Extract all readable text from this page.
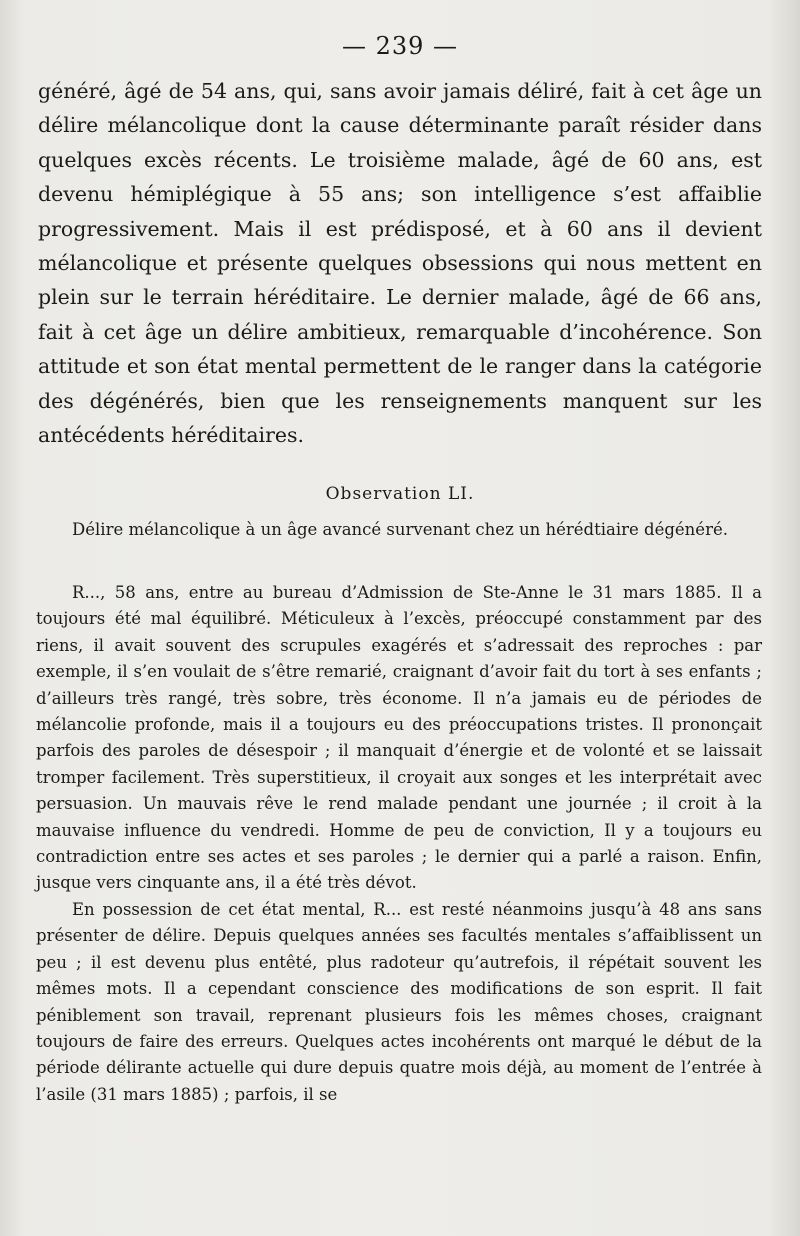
— 239 —

généré, âgé de 54 ans, qui, sans avoir jamais déliré, fait à cet âge un délire mélancolique dont la cause déterminante paraît résider dans quelques excès récents. Le troisième malade, âgé de 60 ans, est devenu hémiplégique à 55 ans; son intelligence s’est affaiblie progressivement. Mais il est prédisposé, et à 60 ans il devient mélancolique et présente quelques obsessions qui nous mettent en plein sur le terrain héréditaire. Le dernier malade, âgé de 66 ans, fait à cet âge un délire ambitieux, remarquable d’incohérence. Son attitude et son état mental permettent de le ranger dans la catégorie des dégénérés, bien que les renseignements manquent sur les antécédents héréditaires.

Observation LI.
Délire mélancolique à un âge avancé survenant chez un hérédtiaire dégénéré.

R..., 58 ans, entre au bureau d’Admission de Ste-Anne le 31 mars 1885. Il a toujours été mal équilibré. Méticuleux à l’excès, préoccupé constamment par des riens, il avait souvent des scrupules exagérés et s’adressait des reproches : par exemple, il s’en voulait de s’être remarié, craignant d’avoir fait du tort à ses enfants ; d’ailleurs très rangé, très sobre, très économe. Il n’a jamais eu de périodes de mélancolie profonde, mais il a toujours eu des préoccupations tristes. Il prononçait parfois des paroles de désespoir ; il manquait d’énergie et de volonté et se laissait tromper facilement. Très superstitieux, il croyait aux songes et les interprétait avec persuasion. Un mauvais rêve le rend malade pendant une journée ; il croit à la mauvaise influence du vendredi. Homme de peu de conviction, Il y a toujours eu contradiction entre ses actes et ses paroles ; le dernier qui a parlé a raison. Enfin, jusque vers cinquante ans, il a été très dévot.

En possession de cet état mental, R... est resté néanmoins jusqu’à 48 ans sans présenter de délire. Depuis quelques années ses facultés mentales s’affaiblissent un peu ; il est devenu plus entêté, plus radoteur qu’autrefois, il répétait souvent les mêmes mots. Il a cependant conscience des modifications de son esprit. Il fait péniblement son travail, reprenant plusieurs fois les mêmes choses, craignant toujours de faire des erreurs. Quelques actes incohérents ont marqué le début de la période délirante actuelle qui dure depuis quatre mois déjà, au moment de l’entrée à l’asile (31 mars 1885) ; parfois, il se
